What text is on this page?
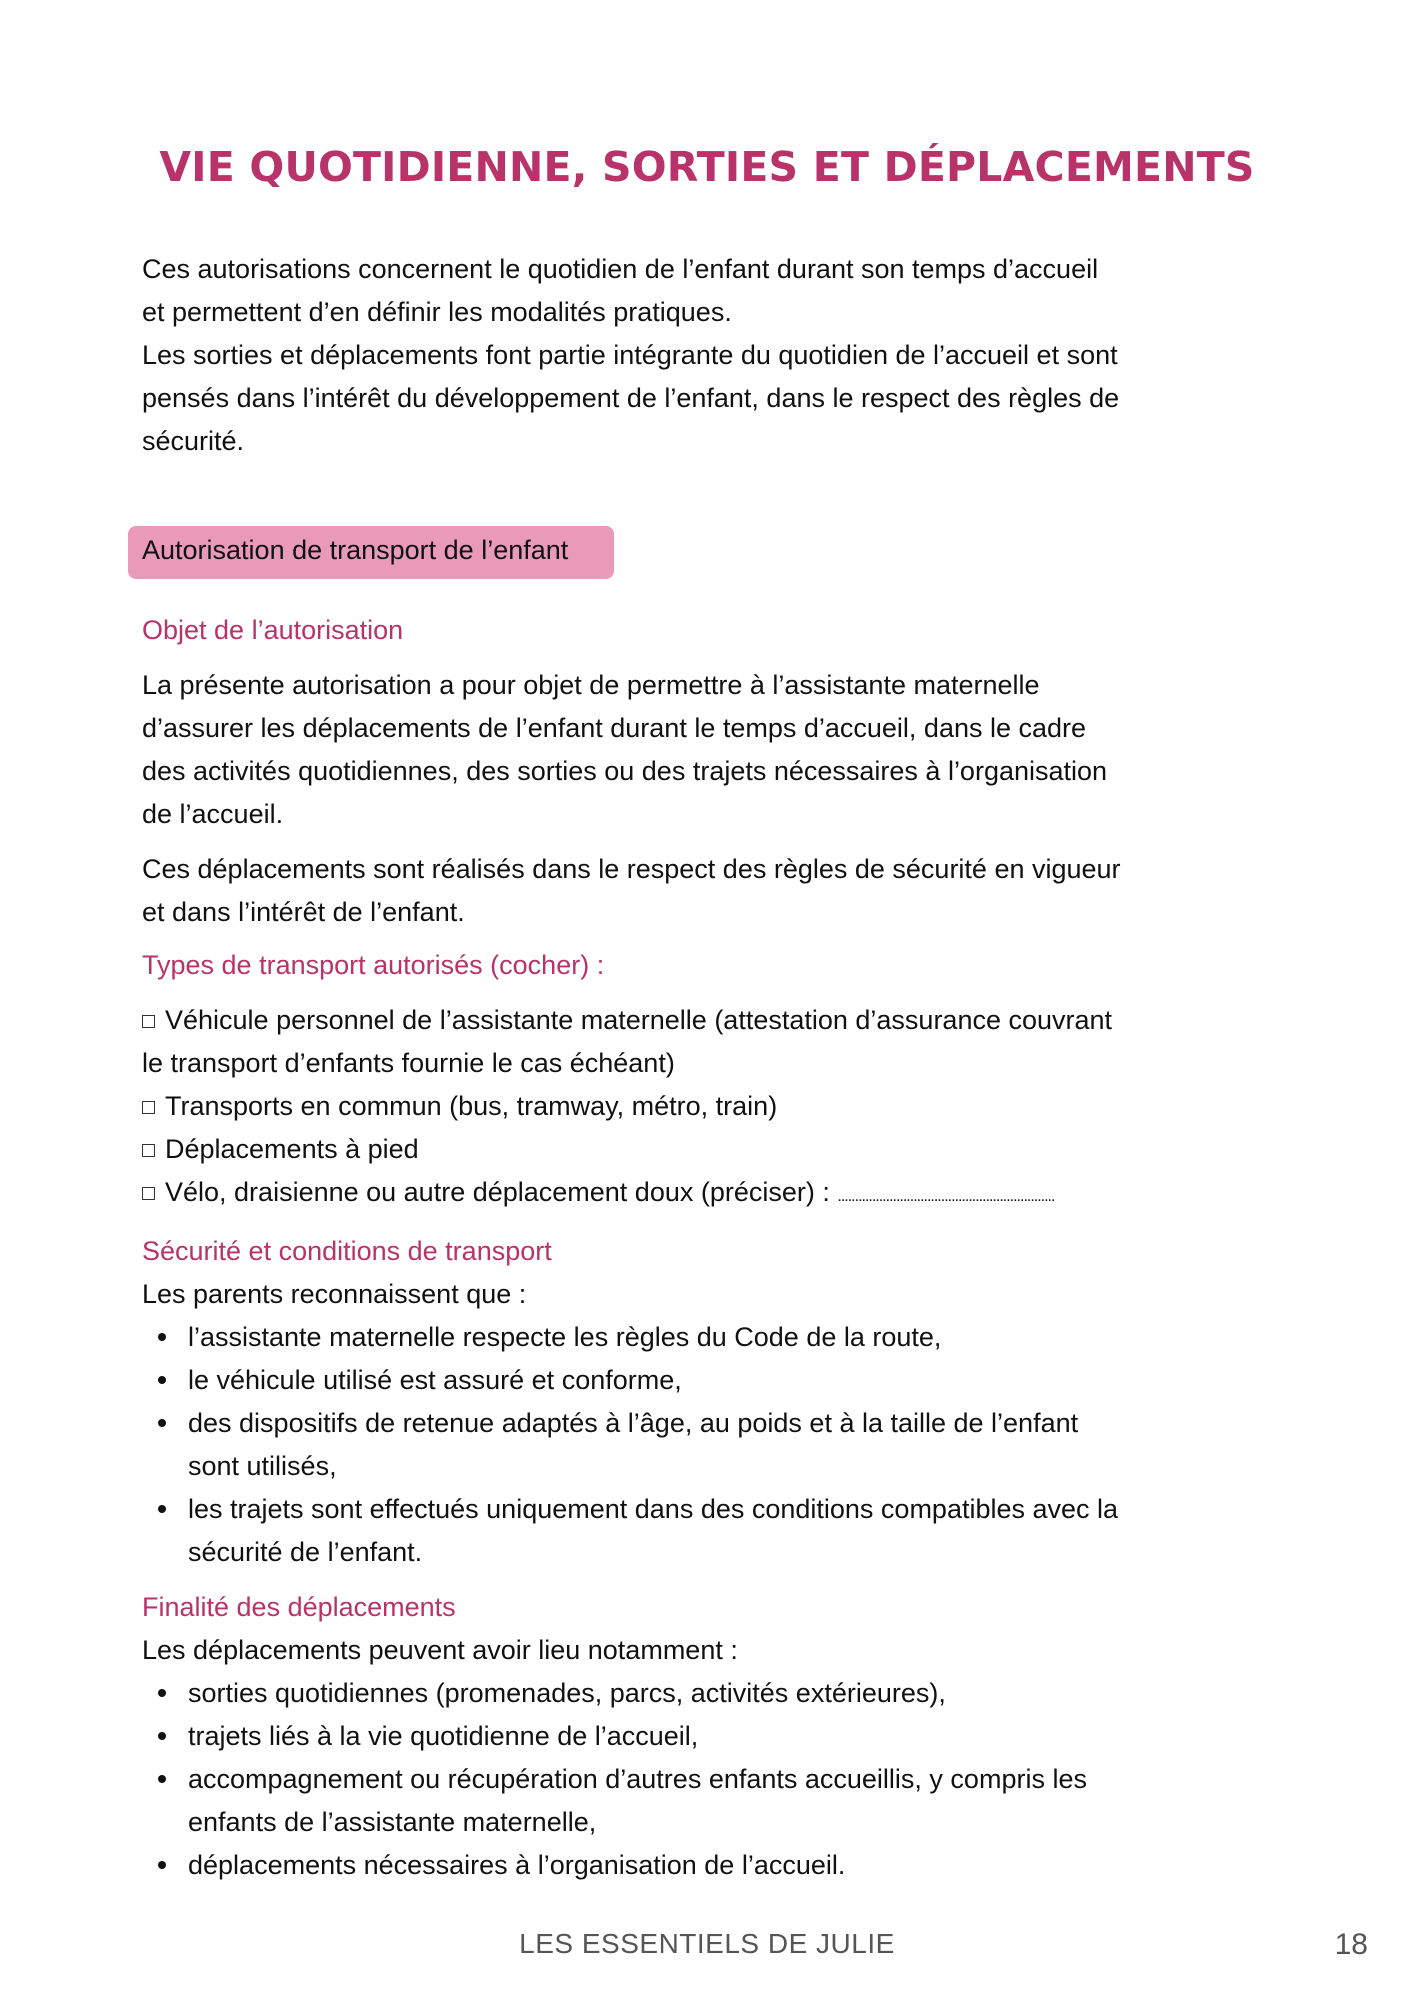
VIE QUOTIDIENNE, SORTIES ET DÉPLACEMENTS

Ces autorisations concernent le quotidien de l’enfant durant son temps d’accueil

et permettent d’en définir les modalités pratiques.

Les sorties et déplacements font partie intégrante du quotidien de l’accueil et sont

pensés dans l’intérêt du développement de l’enfant, dans le respect des règles de

sécurité.

Autorisation de transport de l’enfant
Objet de l’autorisation

La présente autorisation a pour objet de permettre à l’assistante maternelle

d’assurer les déplacements de l’enfant durant le temps d’accueil, dans le cadre

des activités quotidiennes, des sorties ou des trajets nécessaires à l’organisation

de l’accueil.

Ces déplacements sont réalisés dans le respect des règles de sécurité en vigueur

et dans l’intérêt de l’enfant.

Types de transport autorisés (cocher) :
Véhicule personnel de l’assistante maternelle (attestation d’assurance couvrant
le transport d’enfants fournie le cas échéant)
Transports en commun (bus, tramway, métro, train)
Déplacements à pied
Vélo, draisienne ou autre déplacement doux (préciser) : ...............................................................
Sécurité et conditions de transport

Les parents reconnaissent que :

l’assistante maternelle respecte les règles du Code de la route,
le véhicule utilisé est assuré et conforme,
des dispositifs de retenue adaptés à l’âge, au poids et à la taille de l’enfant
sont utilisés,
les trajets sont effectués uniquement dans des conditions compatibles avec la
sécurité de l’enfant.
Finalité des déplacements

Les déplacements peuvent avoir lieu notamment :

sorties quotidiennes (promenades, parcs, activités extérieures),
trajets liés à la vie quotidienne de l’accueil,
accompagnement ou récupération d’autres enfants accueillis, y compris les
enfants de l’assistante maternelle,
déplacements nécessaires à l’organisation de l’accueil.
LES ESSENTIELS DE JULIE	18
